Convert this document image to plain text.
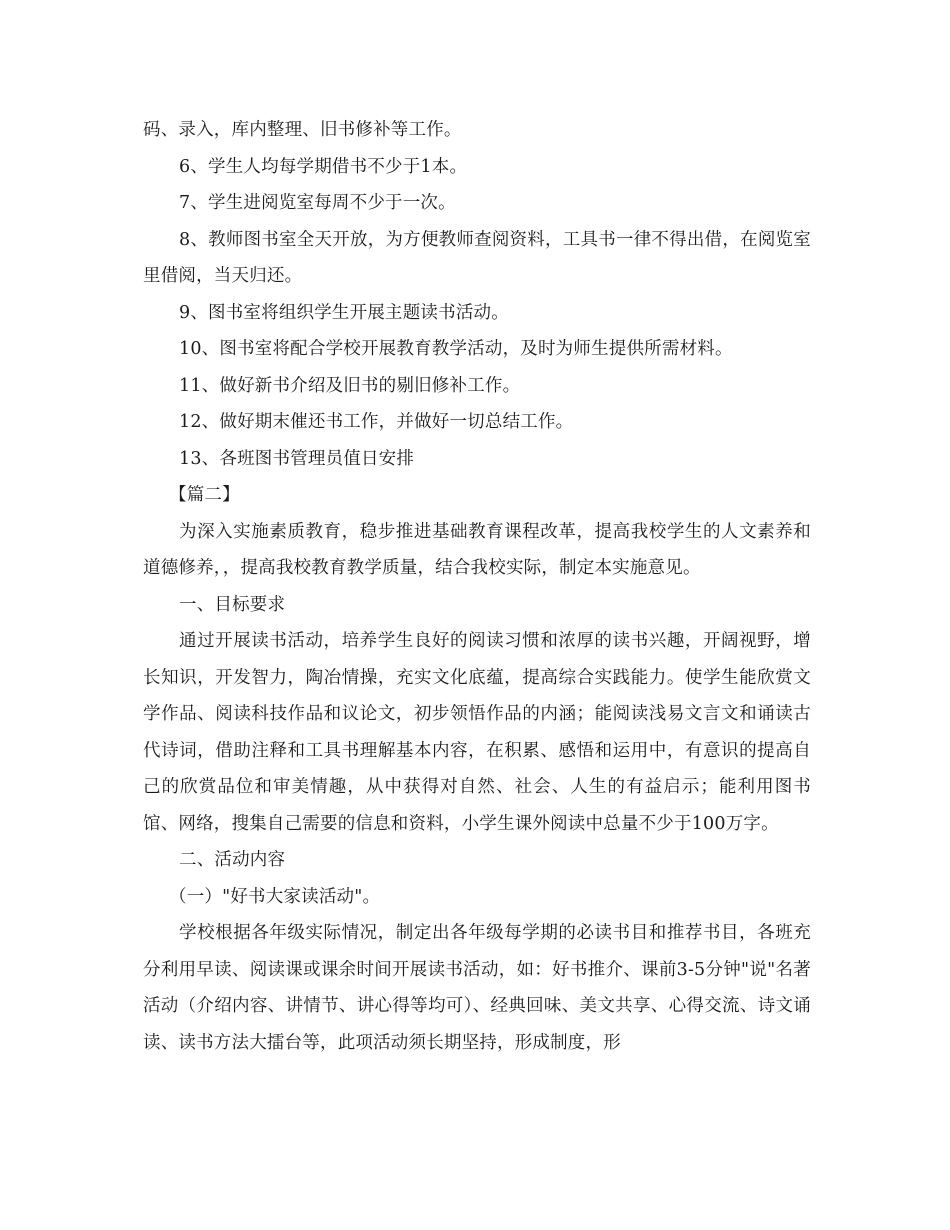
码、录入，库内整理、旧书修补等工作。

6、学生人均每学期借书不少于1本。

7、学生进阅览室每周不少于一次。

8、教师图书室全天开放，为方便教师查阅资料，工具书一律不得出借，在阅览室里借阅，当天归还。

9、图书室将组织学生开展主题读书活动。

10、图书室将配合学校开展教育教学活动，及时为师生提供所需材料。

11、做好新书介绍及旧书的剔旧修补工作。

12、做好期末催还书工作，并做好一切总结工作。

13、各班图书管理员值日安排

【篇二】

为深入实施素质教育，稳步推进基础教育课程改革，提高我校学生的人文素养和道德修养，，提高我校教育教学质量，结合我校实际，制定本实施意见。

一、目标要求

通过开展读书活动，培养学生良好的阅读习惯和浓厚的读书兴趣，开阔视野，增长知识，开发智力，陶冶情操，充实文化底蕴，提高综合实践能力。使学生能欣赏文学作品、阅读科技作品和议论文，初步领悟作品的内涵；能阅读浅易文言文和诵读古代诗词，借助注释和工具书理解基本内容，在积累、感悟和运用中，有意识的提高自己的欣赏品位和审美情趣，从中获得对自然、社会、人生的有益启示；能利用图书馆、网络，搜集自己需要的信息和资料，小学生课外阅读中总量不少于100万字。

二、活动内容

（一）"好书大家读活动"。

学校根据各年级实际情况，制定出各年级每学期的必读书目和推荐书目，各班充分利用早读、阅读课或课余时间开展读书活动，如：好书推介、课前3-5分钟"说"名著活动（介绍内容、讲情节、讲心得等均可）、经典回味、美文共享、心得交流、诗文诵读、读书方法大擂台等，此项活动须长期坚持，形成制度，形
